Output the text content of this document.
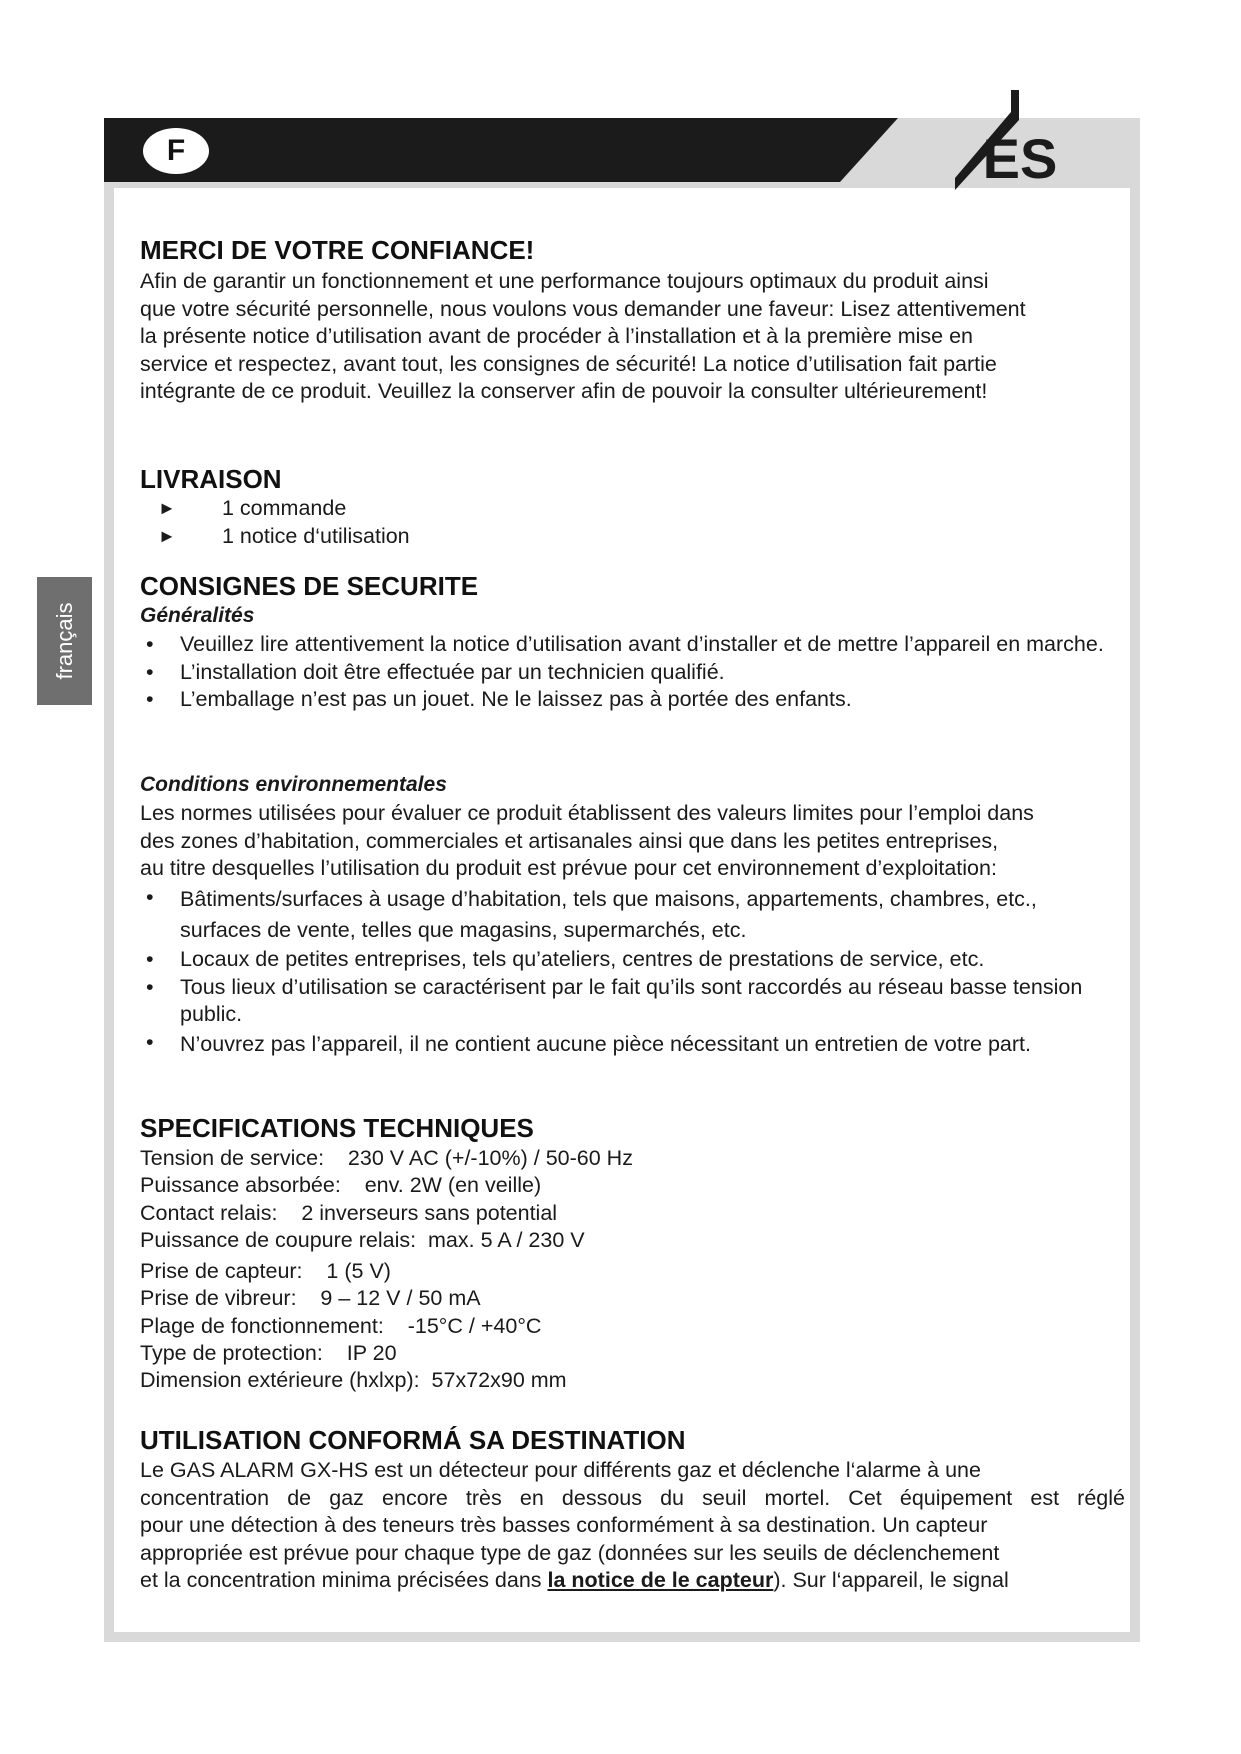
F	ES
français
MERCI DE VOTRE CONFIANCE!

Afin de garantir un fonctionnement et une performance toujours optimaux du produit ainsi

que votre sécurité personnelle, nous voulons vous demander une faveur: Lisez attentivement

la présente notice d’utilisation avant de procéder à l’installation et à la première mise en

service et respectez, avant tout, les consignes de sécurité! La notice d’utilisation fait partie

intégrante de ce produit. Veuillez la conserver afin de pouvoir la consulter ultérieurement!

LIVRAISON
► 1 commande
► 1 notice d‘utilisation
CONSIGNES DE SECURITE
Généralités
• Veuillez lire attentivement la notice d’utilisation avant d’installer et de mettre l’appareil en marche.
• L’installation doit être effectuée par un technicien qualifié.
• L’emballage n’est pas un jouet. Ne le laissez pas à portée des enfants.
Conditions environnementales

Les normes utilisées pour évaluer ce produit établissent des valeurs limites pour l’emploi dans

des zones d’habitation, commerciales et artisanales ainsi que dans les petites entreprises,

au titre desquelles l’utilisation du produit est prévue pour cet environnement d’exploitation:

• Bâtiments/surfaces à usage d’habitation, tels que maisons, appartements, chambres, etc., surfaces de vente, telles que magasins, supermarchés, etc.
• Locaux de petites entreprises, tels qu’ateliers, centres de prestations de service, etc.
• Tous lieux d’utilisation se caractérisent par le fait qu’ils sont raccordés au réseau basse tension public.
• N’ouvrez pas l’appareil, il ne contient aucune pièce nécessitant un entretien de votre part.
SPECIFICATIONS TECHNIQUES
Tension de service:    230 V AC (+/-10%) / 50-60 Hz
Puissance absorbée:    env. 2W (en veille)
Contact relais:    2 inverseurs sans potential
Puissance de coupure relais:  max. 5 A / 230 V
Prise de capteur:    1 (5 V)
Prise de vibreur:    9 – 12 V / 50 mA
Plage de fonctionnement:    -15°C / +40°C
Type de protection:    IP 20
Dimension extérieure (hxlxp):  57x72x90 mm
UTILISATION CONFORMÁ SA DESTINATION

Le GAS ALARM GX-HS est un détecteur pour différents gaz et déclenche l‘alarme à une

concentration de gaz encore très en dessous du seuil mortel. Cet équipement est réglé

pour une détection à des teneurs très basses conformément à sa destination. Un capteur

appropriée est prévue pour chaque type de gaz (données sur les seuils de déclenchement

et la concentration minima précisées dans la notice de le capteur). Sur l‘appareil, le signal
